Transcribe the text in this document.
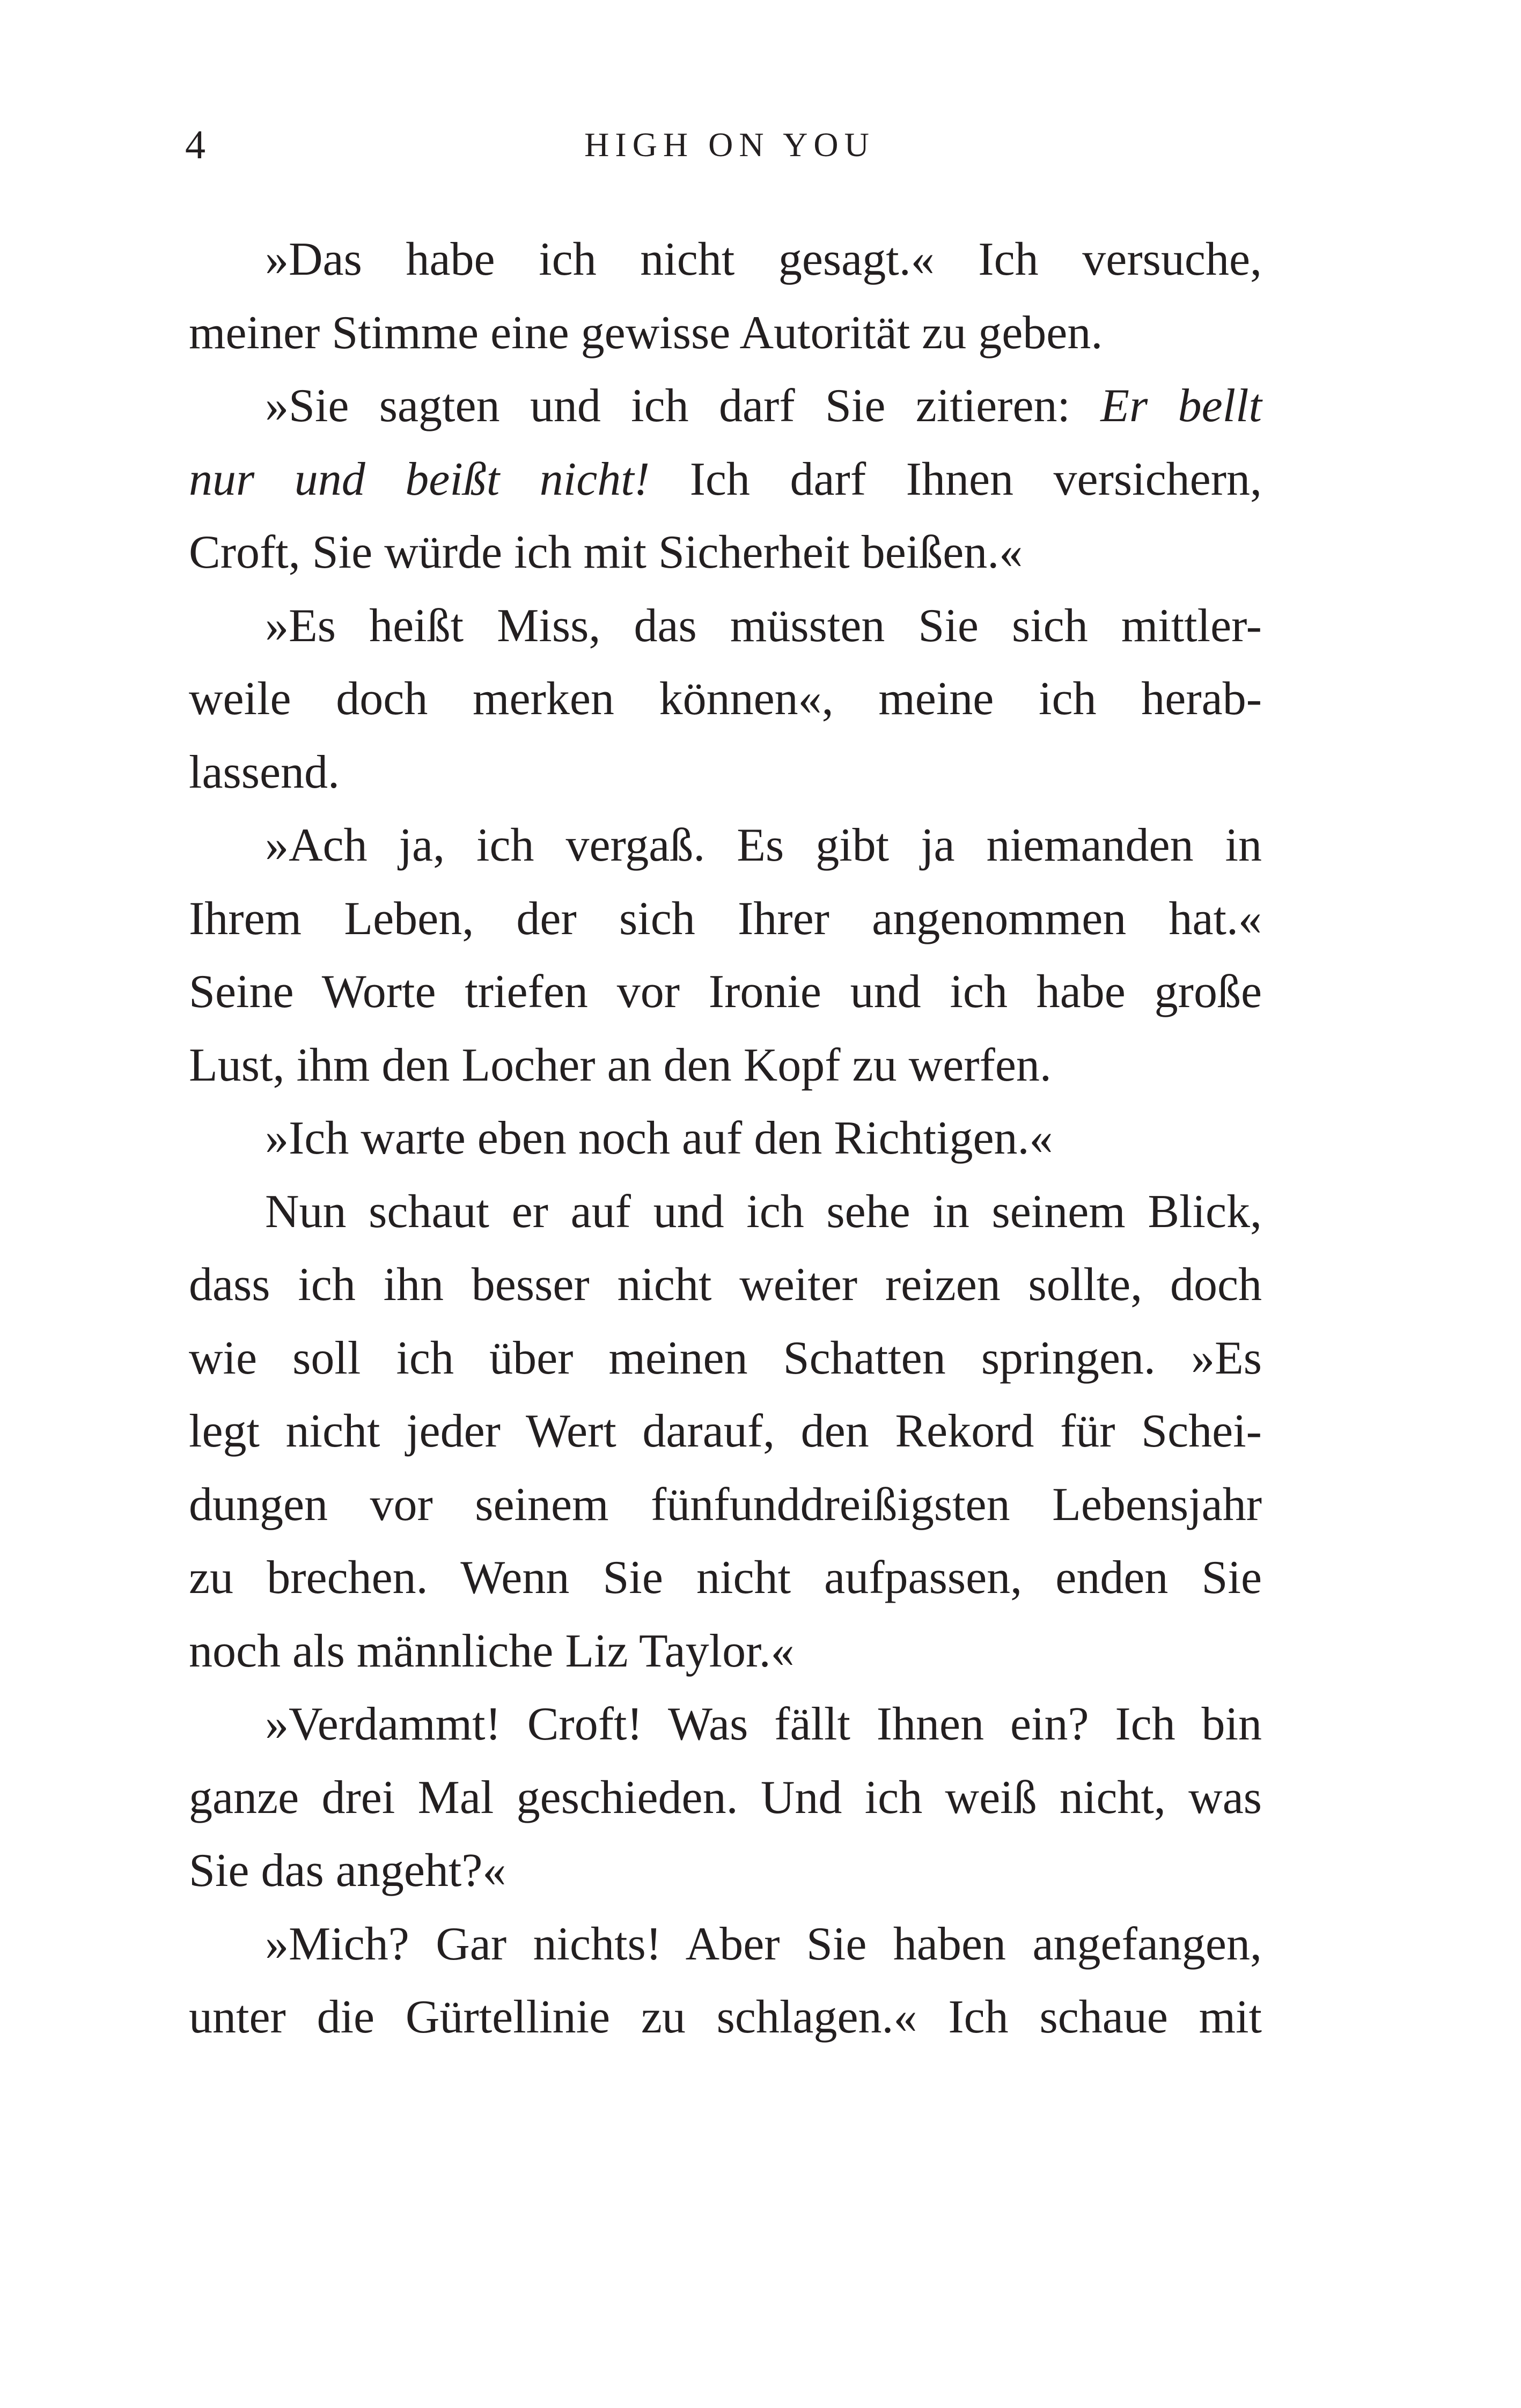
4	HIGH ON YOU
»Das habe ich nicht gesagt.« Ich versuche,
meiner Stimme eine gewisse Autorität zu geben.
»Sie sagten und ich darf Sie zitieren: Er bellt
nur und beißt nicht! Ich darf Ihnen versichern,
Croft, Sie würde ich mit Sicherheit beißen.«
»Es heißt Miss, das müssten Sie sich mittler-
weile doch merken können«, meine ich herab-
lassend.
»Ach ja, ich vergaß. Es gibt ja niemanden in
Ihrem Leben, der sich Ihrer angenommen hat.«
Seine Worte triefen vor Ironie und ich habe große
Lust, ihm den Locher an den Kopf zu werfen.
»Ich warte eben noch auf den Richtigen.«
Nun schaut er auf und ich sehe in seinem Blick,
dass ich ihn besser nicht weiter reizen sollte, doch
wie soll ich über meinen Schatten springen. »Es
legt nicht jeder Wert darauf, den Rekord für Schei-
dungen vor seinem fünfunddreißigsten Lebensjahr
zu brechen. Wenn Sie nicht aufpassen, enden Sie
noch als männliche Liz Taylor.«
»Verdammt! Croft! Was fällt Ihnen ein? Ich bin
ganze drei Mal geschieden. Und ich weiß nicht, was
Sie das angeht?«
»Mich? Gar nichts! Aber Sie haben angefangen,
unter die Gürtellinie zu schlagen.« Ich schaue mit
